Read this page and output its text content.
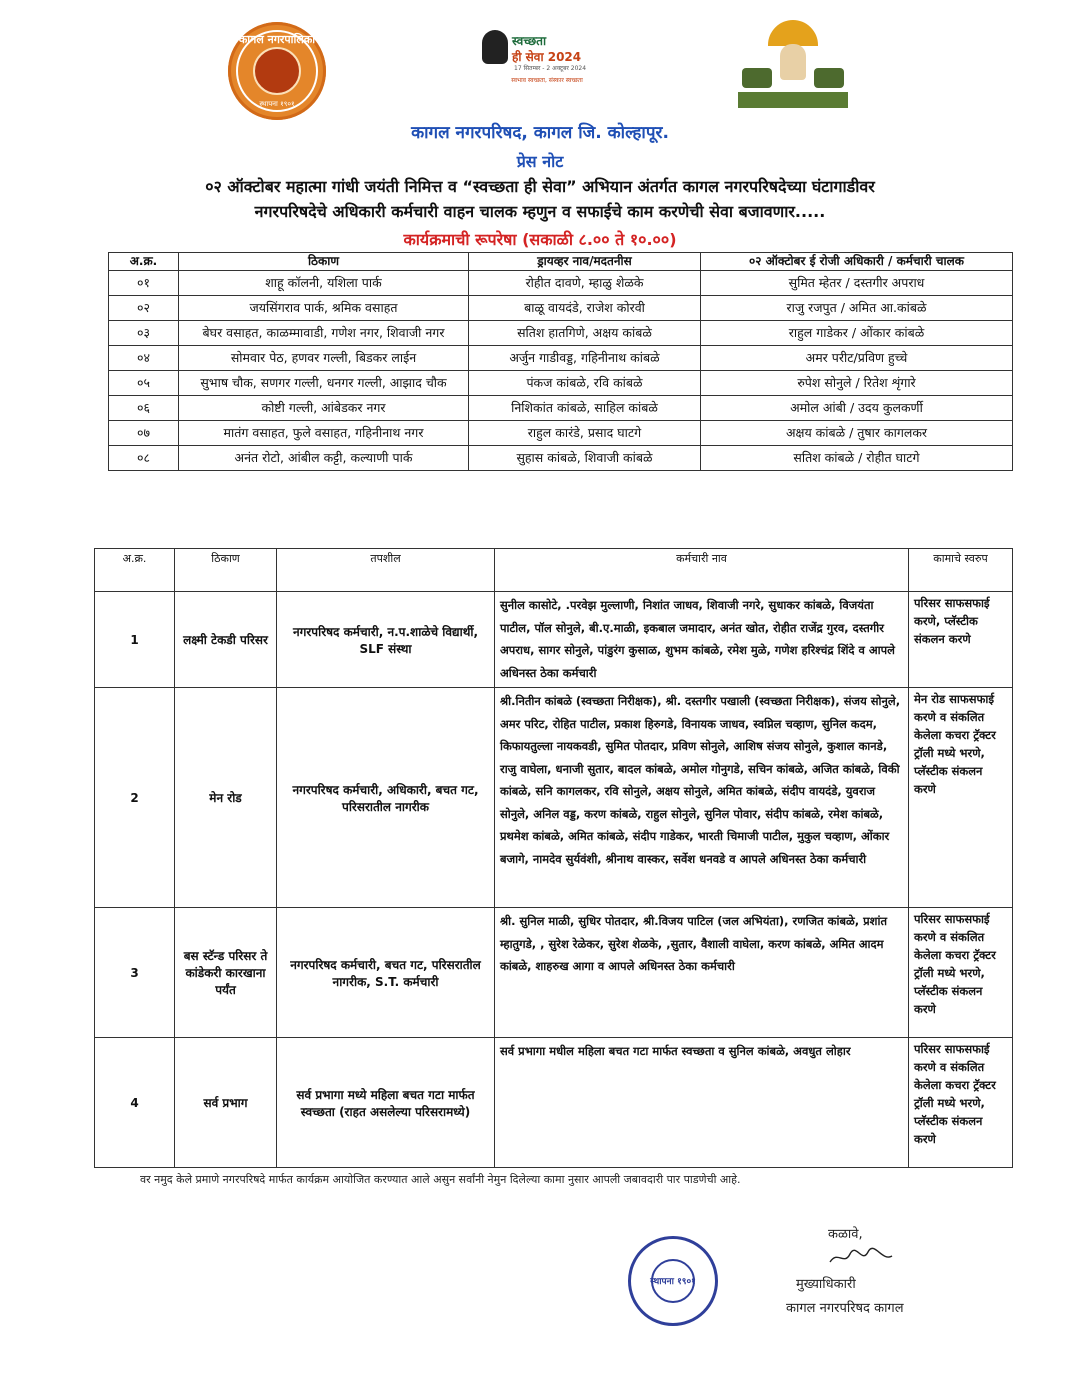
कागल नगरपालिका
स्थापना १९०१
स्वच्छता
ही सेवा 2024
17 सितम्बर - 2 अक्टूबर 2024
स्वभाव स्वच्छता, संस्कार स्वच्छता
कागल नगरपरिषद, कागल जि. कोल्हापूर.
प्रेस नोट
०२ ऑक्टोबर महात्मा गांधी जयंती निमित्त व “स्वच्छता ही सेवा” अभियान अंतर्गत कागल नगरपरिषदेच्या घंटागाडीवर
नगरपरिषदेचे अधिकारी कर्मचारी वाहन चालक म्हणुन व सफाईचे काम करणेची सेवा बजावणार.....
कार्यक्रमाची रूपरेषा (सकाळी ८.०० ते १०.००)
अ.क्र.	ठिकाण	ड्रायव्हर नाव/मदतनीस	०२ ऑक्टोबर ई रोजी अधिकारी / कर्मचारी चालक
०१	शाहू कॉलनी, यशिला पार्क	रोहीत दावणे, म्हाळु शेळके	सुमित म्हेतर / दस्तगीर अपराध
०२	जयसिंगराव पार्क, श्रमिक वसाहत	बाळू वायदंडे, राजेश कोरवी	राजु रजपुत / अमित आ.कांबळे
०३	बेघर वसाहत, काळम्मावाडी, गणेश नगर, शिवाजी नगर	सतिश हातगिणे, अक्षय कांबळे	राहुल गाडेकर / ओंकार कांबळे
०४	सोमवार पेठ, हणवर गल्ली, बिडकर लाईन	अर्जुन गाडीवड्ड, गहिनीनाथ कांबळे	अमर परीट/प्रविण हुच्चे
०५	सुभाष चौक, सणगर गल्ली, धनगर गल्ली, आझाद चौक	पंकज कांबळे, रवि कांबळे	रुपेश सोनुले / रितेश शृंगारे
०६	कोष्टी गल्ली, आंबेडकर नगर	निशिकांत कांबळे, साहिल कांबळे	अमोल आंबी / उदय कुलकर्णी
०७	मातंग वसाहत, फुले वसाहत, गहिनीनाथ नगर	राहुल कारंडे, प्रसाद घाटगे	अक्षय कांबळे / तुषार कागलकर
०८	अनंत रोटो, आंबील कट्टी, कल्याणी पार्क	सुहास कांबळे, शिवाजी कांबळे	सतिश कांबळे / रोहीत घाटगे
अ.क्र.	ठिकाण	तपशील	कर्मचारी नाव	कामाचे स्वरुप
1	लक्ष्मी टेकडी परिसर	नगरपरिषद कर्मचारी, न.प.शाळेचे विद्यार्थी, SLF संस्था	सुनील कासोटे, .परवेझ मुल्लाणी, निशांत जाधव, शिवाजी नगरे, सुधाकर कांबळे, विजयंता पाटील, पॉल सोनुले, बी.ए.माळी, इकबाल जमादार, अनंत खोत, रोहीत राजेंद्र गुरव, दस्तगीर अपराध, सागर सोनुले, पांडुरंग कुसाळ, शुभम कांबळे, रमेश मुळे, गणेश हरिश्चंद्र शिंदे व आपले अधिनस्त ठेका कर्मचारी	परिसर साफसफाई करणे, प्लॅस्टीक संकलन करणे
2	मेन रोड	नगरपरिषद कर्मचारी, अधिकारी, बचत गट, परिसरातील नागरीक	श्री.नितीन कांबळे (स्वच्छता निरीक्षक), श्री. दस्तगीर पखाली (स्वच्छता निरीक्षक), संजय सोनुले, अमर परिट, रोहित पाटील, प्रकाश हिरुगडे, विनायक जाधव, स्वप्निल चव्हाण, सुनिल कदम, किफायतुल्ला नायकवडी, सुमित पोतदार, प्रविण सोनुले, आशिष संजय सोनुले, कुशाल कानडे, राजु वाघेला, धनाजी सुतार, बादल कांबळे, अमोल गोनुगडे, सचिन कांबळे, अजित कांबळे, विकी कांबळे, सनि कागलकर, रवि सोनुले, अक्षय सोनुले, अमित कांबळे, संदीप वायदंडे, युवराज सोनुले, अनिल वड्ड, करण कांबळे, राहुल सोनुले, सुनिल पोवार, संदीप कांबळे, रमेश कांबळे, प्रथमेश कांबळे, अमित कांबळे, संदीप गाडेकर, भारती चिमाजी पाटील, मुकुल चव्हाण, ओंकार बजागे, नामदेव सुर्यवंशी, श्रीनाथ वास्कर, सर्वेश धनवडे व आपले अधिनस्त ठेका कर्मचारी	मेन रोड साफसफाई करणे व संकलित केलेला कचरा ट्रॅक्टर ट्रॉली मध्ये भरणे, प्लॅस्टीक संकलन करणे
3	बस स्टॅन्ड परिसर ते कांडेकरी कारखाना पर्यंत	नगरपरिषद कर्मचारी, बचत गट, परिसरातील नागरीक, S.T. कर्मचारी	श्री. सुनिल माळी, सुधिर पोतदार, श्री.विजय पाटिल (जल अभियंता), रणजित कांबळे, प्रशांत म्हातुगडे, , सुरेश रेळेकर, सुरेश शेळके, ,सुतार, वैशाली वाघेला, करण कांबळे, अमित आदम कांबळे, शाहरुख आगा व आपले अधिनस्त ठेका कर्मचारी	परिसर साफसफाई करणे व संकलित केलेला कचरा ट्रॅक्टर ट्रॉली मध्ये भरणे, प्लॅस्टीक संकलन करणे
4	सर्व प्रभाग	सर्व प्रभागा मध्ये महिला बचत गटा मार्फत स्वच्छता (राहत असलेल्या परिसरामध्ये)	सर्व प्रभागा मधील महिला बचत गटा मार्फत स्वच्छता व सुनिल कांबळे, अवधुत लोहार	परिसर साफसफाई करणे व संकलित केलेला कचरा ट्रॅक्टर ट्रॉली मध्ये भरणे, प्लॅस्टीक संकलन करणे
वर नमुद केले प्रमाणे नगरपरिषदे मार्फत कार्यक्रम आयोजित करण्यात आले असुन सर्वांनी नेमुन दिलेल्या कामा नुसार आपली जबावदारी पार पाडणेची आहे.
स्थापना १९०१
कळावे,
मुख्याधिकारी
कागल नगरपरिषद कागल
